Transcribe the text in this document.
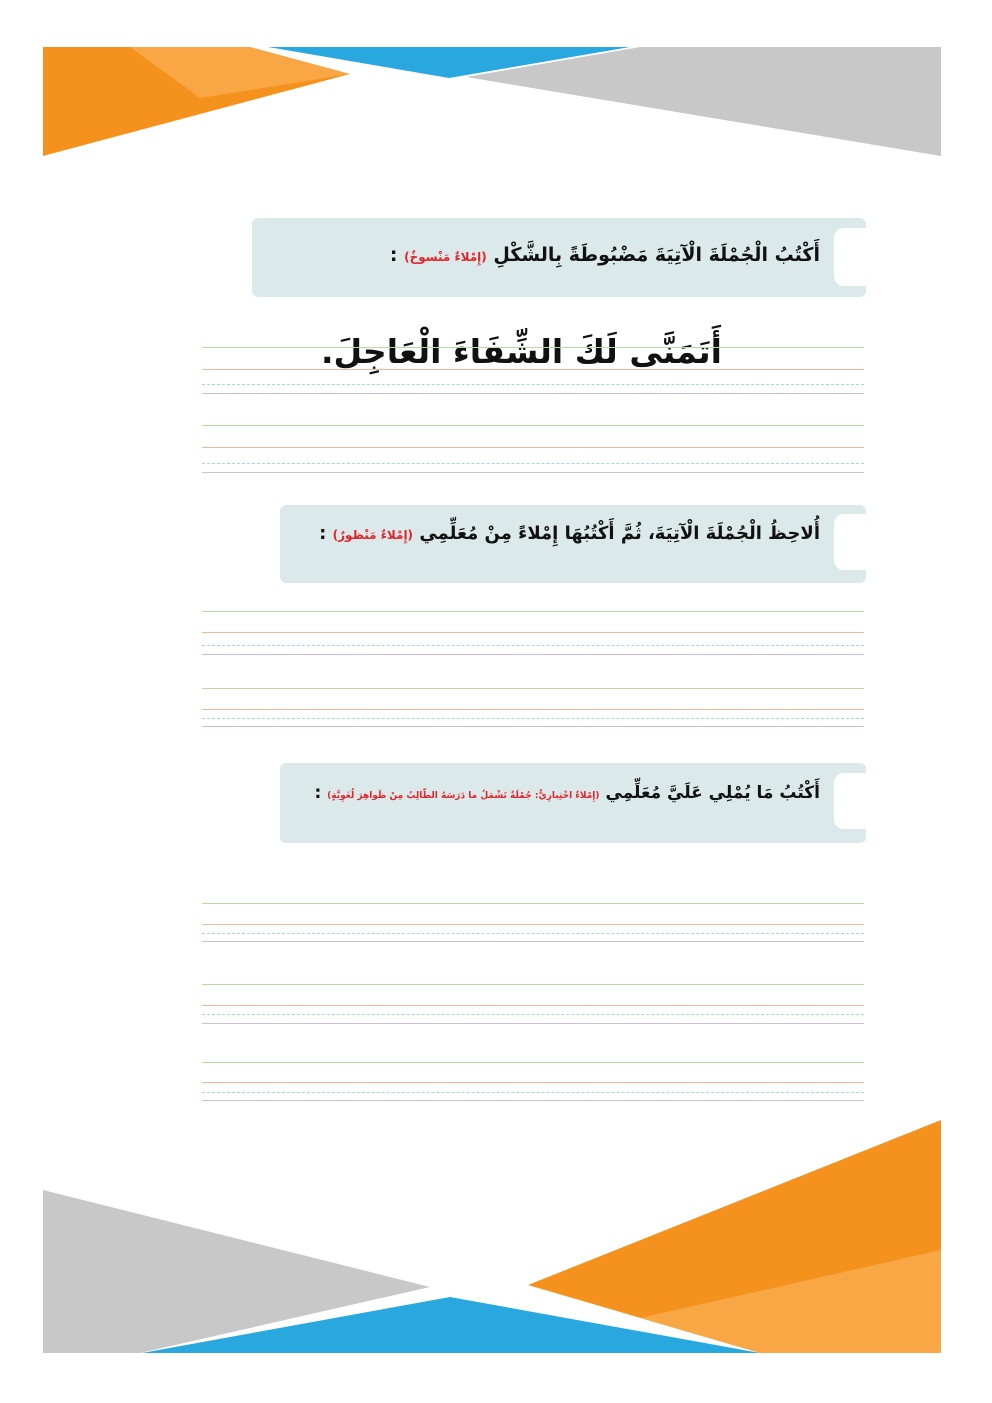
أَكْتُبُ الْجُمْلَةَ الْآتِيَةَ مَضْبُوطَةً بِالشَّكْلِ (إِمْلاءٌ مَنْسوخٌ) :
أَتَمَنَّى لَكَ الشِّفَاءَ الْعَاجِلَ.
أُلاحِظُ الْجُمْلَةَ الْآتِيَةَ، ثُمَّ أَكْتُبُهَا إِمْلاءً مِنْ مُعَلِّمِي (إِمْلاءٌ مَنْظورٌ) :
أَكْتُبُ مَا يُمْلِي عَلَيَّ مُعَلِّمِي (إِمْلاءٌ اخْتِبارِيٌّ: جُمْلَةٌ تَشْمَلُ ما دَرَسَهُ الطّالِبُ مِنْ ظَواهِرَ لُغَوِيَّةٍ) :
